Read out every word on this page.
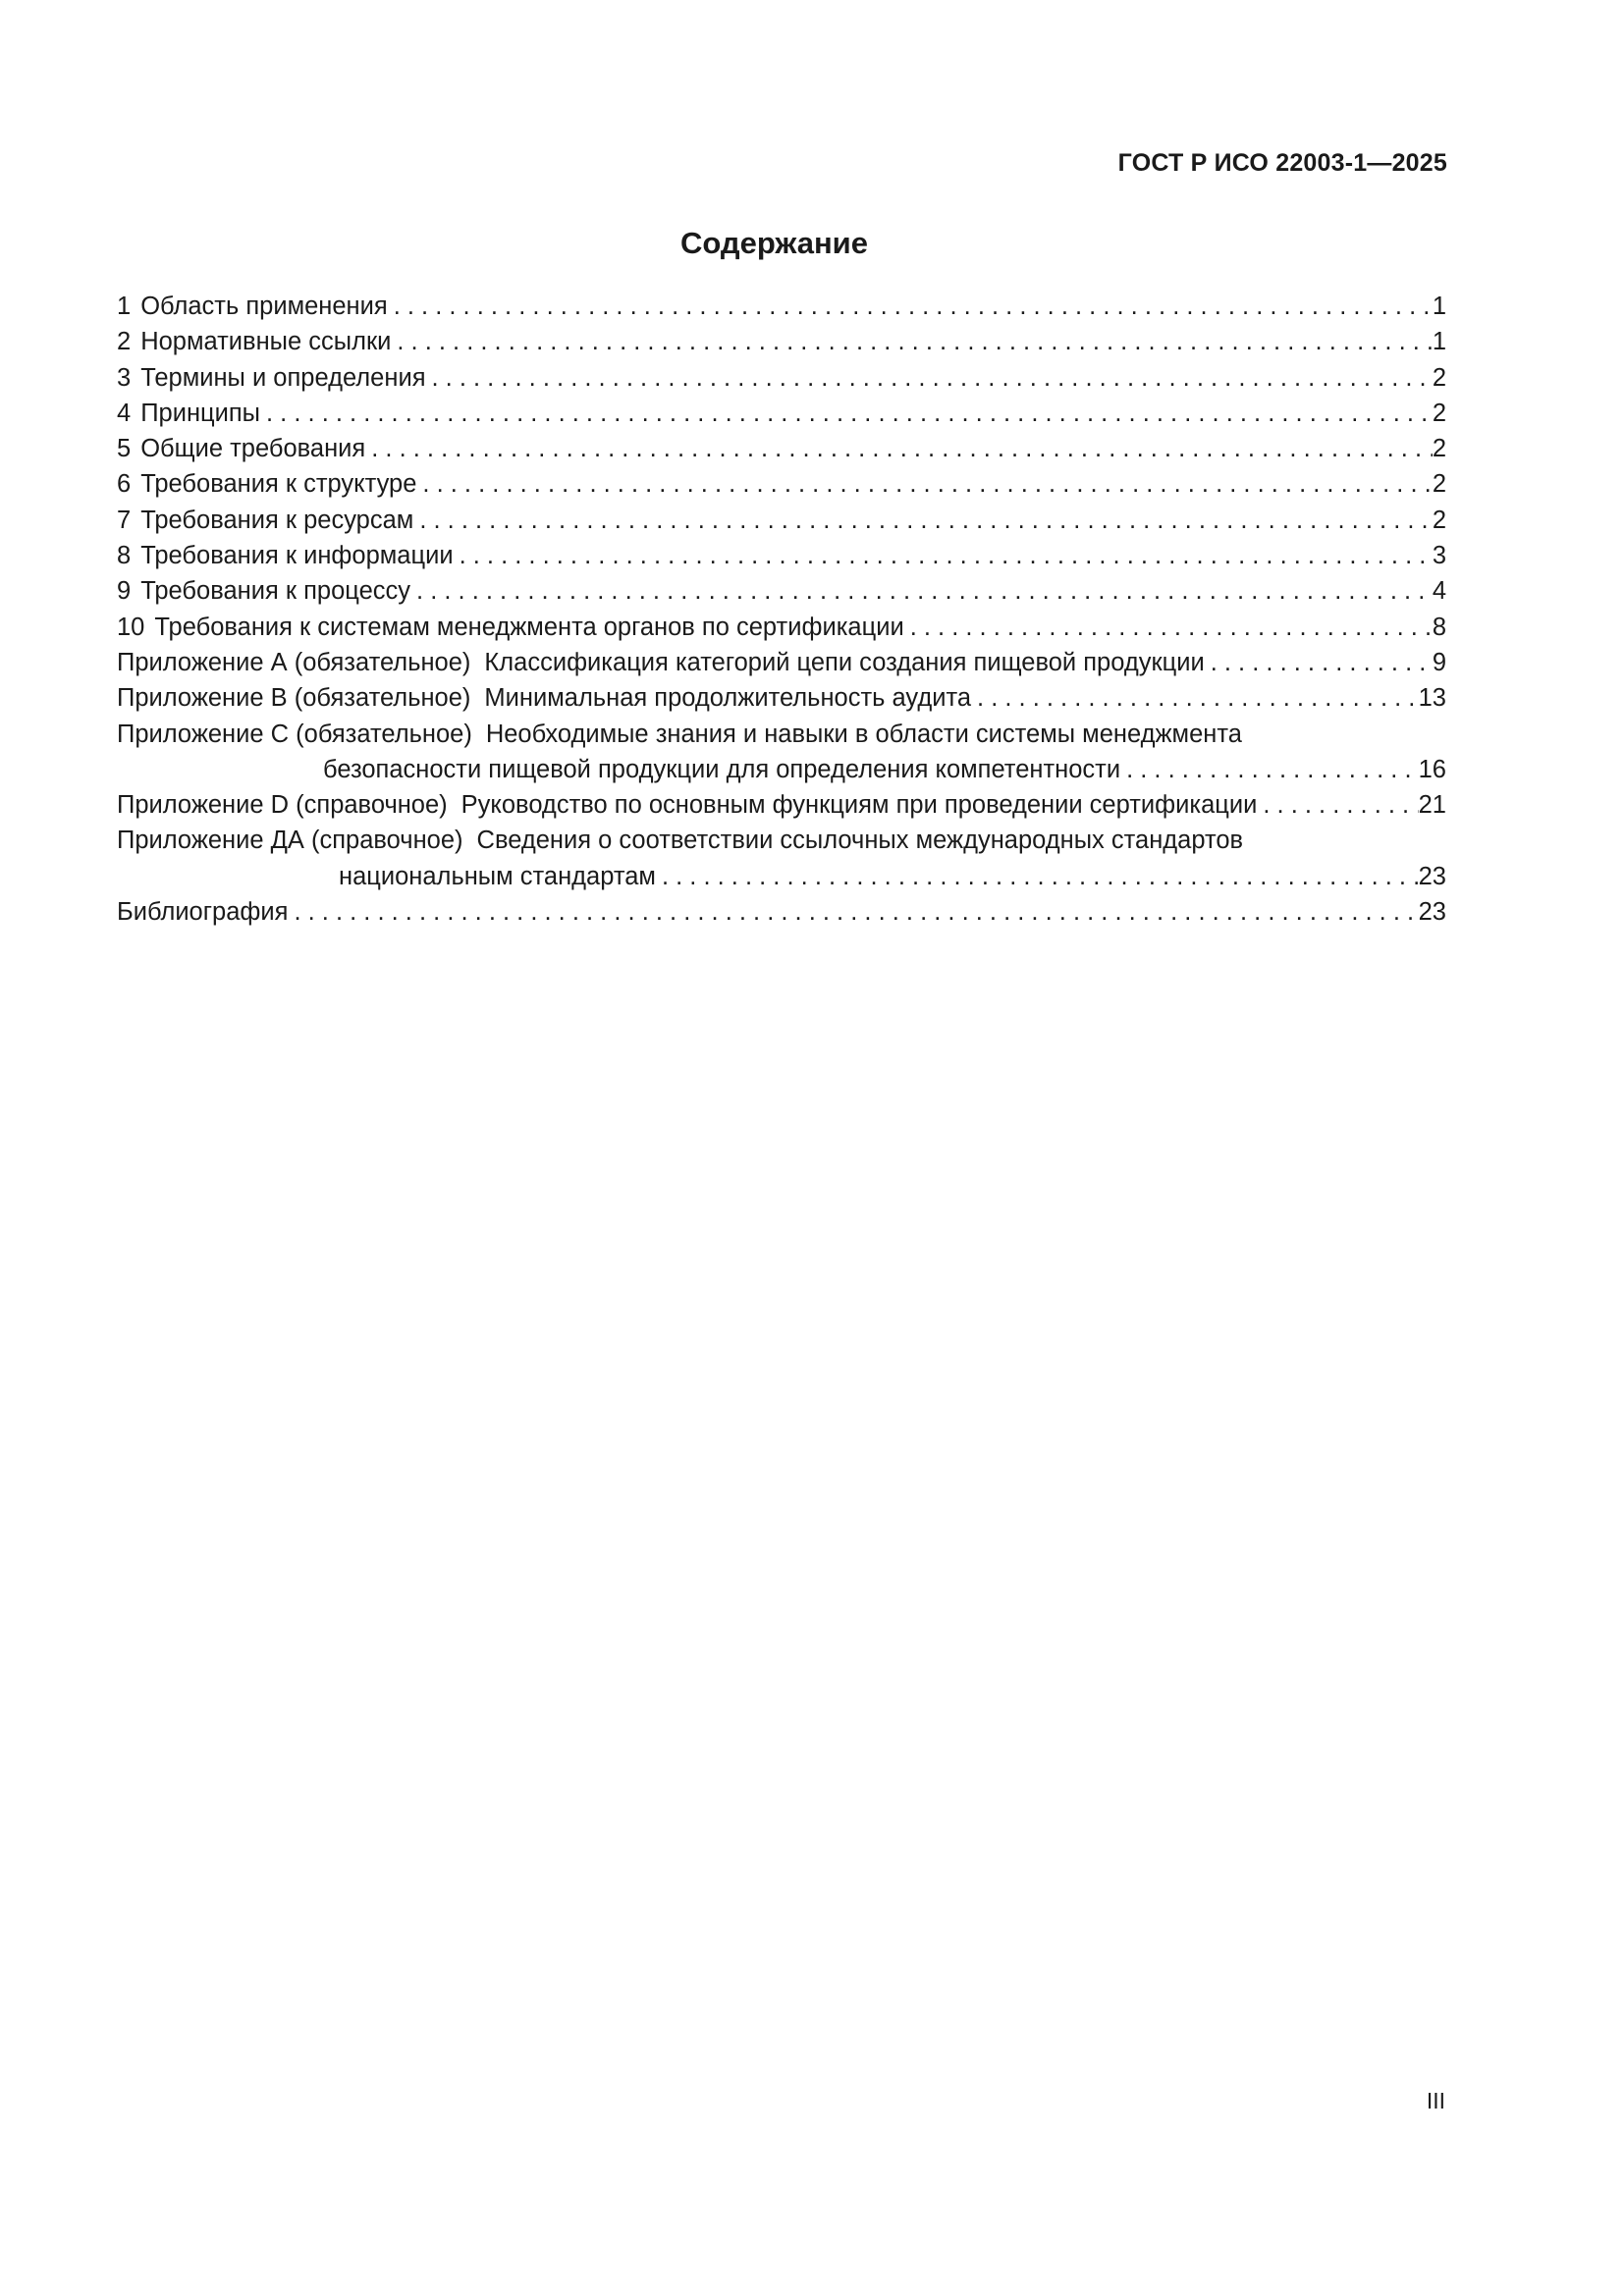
ГОСТ Р ИСО 22003-1—2025
Содержание
1 Область применения . . .	1
2 Нормативные ссылки . . .	1
3 Термины и определения . . .	2
4 Принципы . . .	2
5 Общие требования . . .	2
6 Требования к структуре . . .	2
7 Требования к ресурсам . . .	2
8 Требования к информации . . .	3
9 Требования к процессу . . .	4
10 Требования к системам менеджмента органов по сертификации . . .	8
Приложение А (обязательное) Классификация категорий цепи создания пищевой продукции . . .	9
Приложение В (обязательное) Минимальная продолжительность аудита . . .	13
Приложение С (обязательное) Необходимые знания и навыки в области системы менеджмента
безопасности пищевой продукции для определения компетентности . . .	16
Приложение D (справочное) Руководство по основным функциям при проведении сертификации . . .	21
Приложение ДА (справочное) Сведения о соответствии ссылочных международных стандартов
национальным стандартам . . .	23
Библиография . . .	23
III
